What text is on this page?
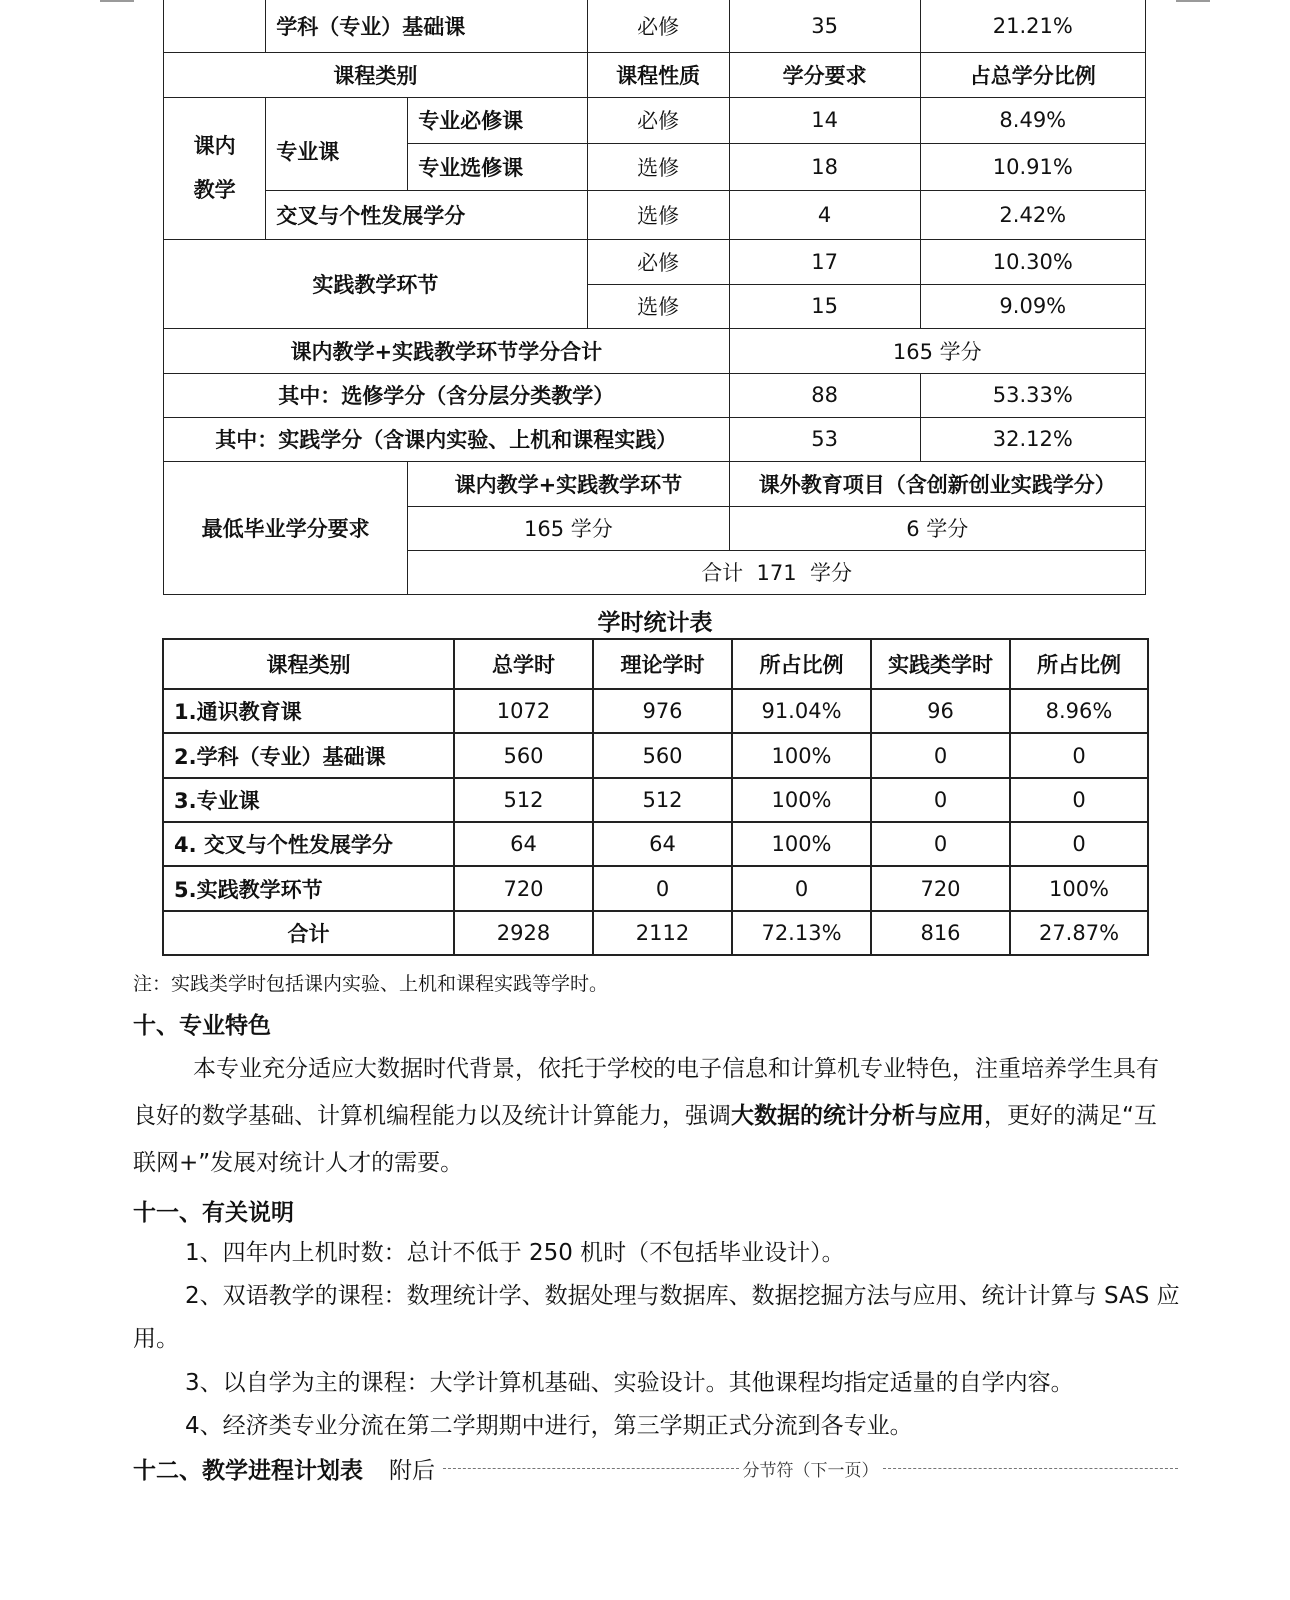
	学科（专业）基础课		必修	35	21.21%
课程类别			课程性质	学分要求	占总学分比例

课内
教学	专业课	专业必修课	必修	14	8.49%
		专业选修课	选修	18	10.91%
	交叉与个性发展学分		选修	4	2.42%
实践教学环节			必修	17	10.30%
			选修	15	9.09%
课内教学+实践教学环节学分合计				165 学分	
其中：选修学分（含分层分类教学）				88	53.33%
其中：实践学分（含课内实验、上机和课程实践）				53	32.12%
最低毕业学分要求		课内教学+实践教学环节		课外教育项目（含创新创业实践学分）	
		165 学分		6 学分	
		合计  171  学分			
学时统计表
课程类别	总学时	理论学时	所占比例	实践类学时	所占比例
1.通识教育课	1072	976	91.04%	96	8.96%
2.学科（专业）基础课	560	560	100%	0	0
3.专业课	512	512	100%	0	0
4. 交叉与个性发展学分	64	64	100%	0	0
5.实践教学环节	720	0	0	720	100%
合计	2928	2112	72.13%	816	27.87%
注：实践类学时包括课内实验、上机和课程实践等学时。
十、专业特色
本专业充分适应大数据时代背景，依托于学校的电子信息和计算机专业特色，注重培养学生具有良好的数学基础、计算机编程能力以及统计计算能力，强调大数据的统计分析与应用，更好的满足“互联网+”发展对统计人才的需要。
十一、有关说明
1、四年内上机时数：总计不低于 250 机时（不包括毕业设计）。
2、双语教学的课程：数理统计学、数据处理与数据库、数据挖掘方法与应用、统计计算与 SAS 应用。
3、以自学为主的课程：大学计算机基础、实验设计。其他课程均指定适量的自学内容。
4、经济类专业分流在第二学期期中进行，第三学期正式分流到各专业。
十二、教学进程计划表 附后	分节符（下一页）
